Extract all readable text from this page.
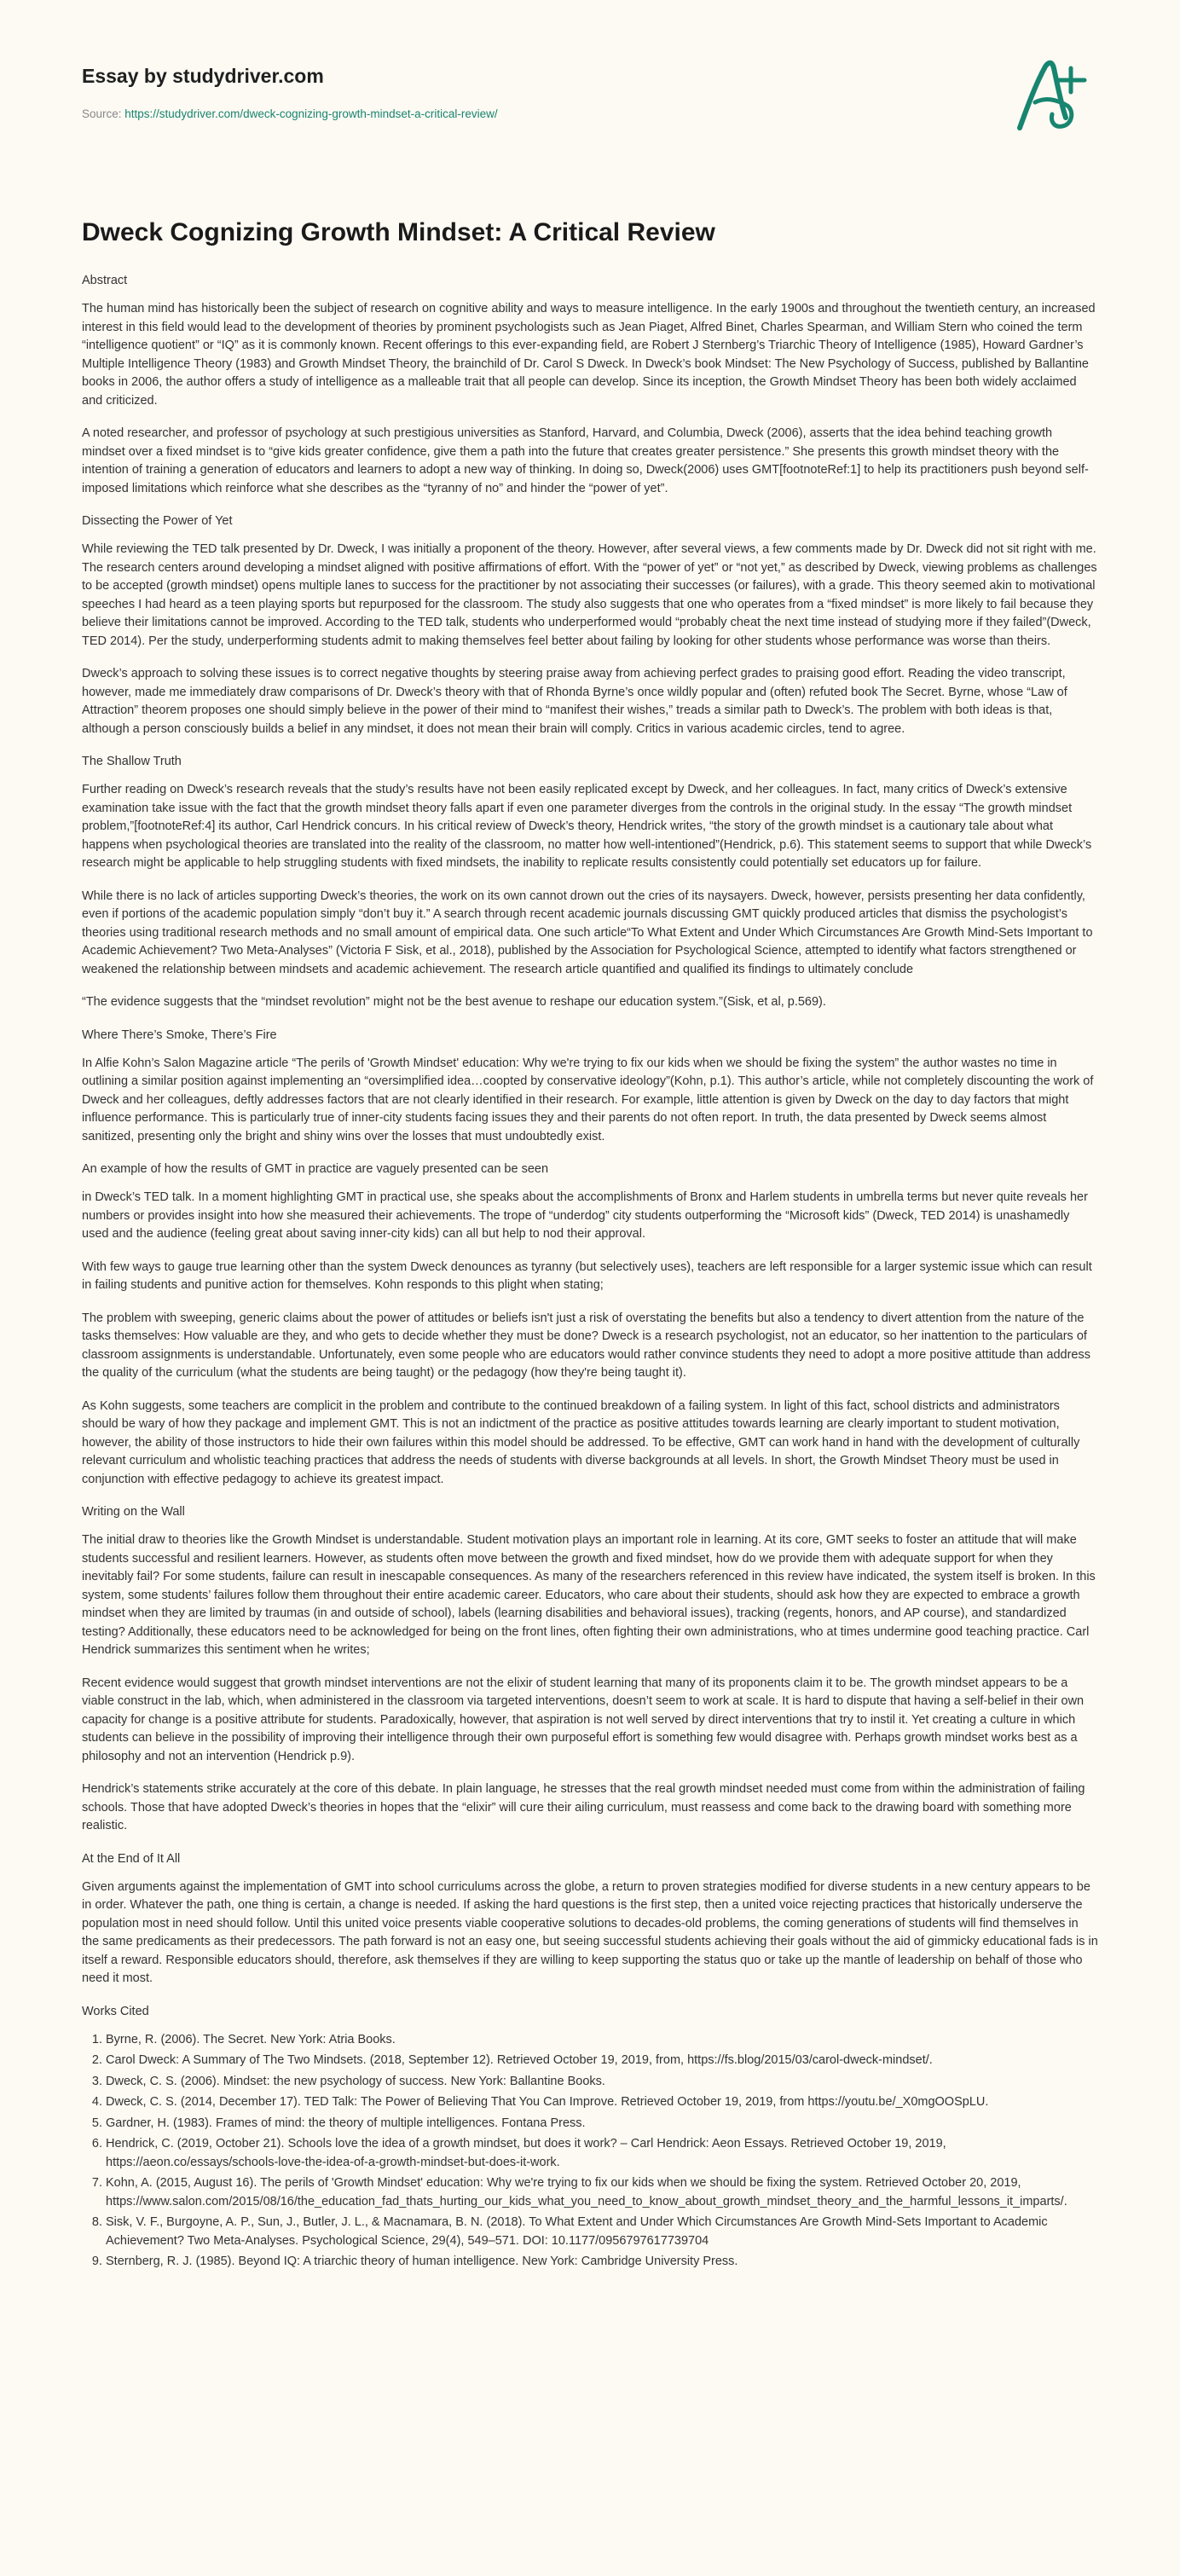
Essay by studydriver.com
Source: https://studydriver.com/dweck-cognizing-growth-mindset-a-critical-review/
Dweck Cognizing Growth Mindset: A Critical Review
Abstract

The human mind has historically been the subject of research on cognitive ability and ways to measure intelligence. In the early 1900s and throughout the twentieth century, an increased interest in this field would lead to the development of theories by prominent psychologists such as Jean Piaget, Alfred Binet, Charles Spearman, and William Stern who coined the term “intelligence quotient” or “IQ” as it is commonly known. Recent offerings to this ever-expanding field, are Robert J Sternberg’s Triarchic Theory of Intelligence (1985), Howard Gardner’s Multiple Intelligence Theory (1983) and Growth Mindset Theory, the brainchild of Dr. Carol S Dweck. In Dweck’s book Mindset: The New Psychology of Success, published by Ballantine books in 2006, the author offers a study of intelligence as a malleable trait that all people can develop. Since its inception, the Growth Mindset Theory has been both widely acclaimed and criticized.

A noted researcher, and professor of psychology at such prestigious universities as Stanford, Harvard, and Columbia, Dweck (2006), asserts that the idea behind teaching growth mindset over a fixed mindset is to “give kids greater confidence, give them a path into the future that creates greater persistence.” She presents this growth mindset theory with the intention of training a generation of educators and learners to adopt a new way of thinking. In doing so, Dweck(2006) uses GMT[footnoteRef:1] to help its practitioners push beyond self-imposed limitations which reinforce what she describes as the “tyranny of no” and hinder the “power of yet”.

Dissecting the Power of Yet

While reviewing the TED talk presented by Dr. Dweck, I was initially a proponent of the theory. However, after several views, a few comments made by Dr. Dweck did not sit right with me. The research centers around developing a mindset aligned with positive affirmations of effort. With the “power of yet” or “not yet,” as described by Dweck, viewing problems as challenges to be accepted (growth mindset) opens multiple lanes to success for the practitioner by not associating their successes (or failures), with a grade. This theory seemed akin to motivational speeches I had heard as a teen playing sports but repurposed for the classroom. The study also suggests that one who operates from a “fixed mindset” is more likely to fail because they believe their limitations cannot be improved. According to the TED talk, students who underperformed would “probably cheat the next time instead of studying more if they failed”(Dweck, TED 2014). Per the study, underperforming students admit to making themselves feel better about failing by looking for other students whose performance was worse than theirs.

Dweck’s approach to solving these issues is to correct negative thoughts by steering praise away from achieving perfect grades to praising good effort. Reading the video transcript, however, made me immediately draw comparisons of Dr. Dweck’s theory with that of Rhonda Byrne’s once wildly popular and (often) refuted book The Secret. Byrne, whose “Law of Attraction” theorem proposes one should simply believe in the power of their mind to “manifest their wishes,” treads a similar path to Dweck’s. The problem with both ideas is that, although a person consciously builds a belief in any mindset, it does not mean their brain will comply. Critics in various academic circles, tend to agree.

The Shallow Truth

Further reading on Dweck’s research reveals that the study’s results have not been easily replicated except by Dweck, and her colleagues. In fact, many critics of Dweck’s extensive examination take issue with the fact that the growth mindset theory falls apart if even one parameter diverges from the controls in the original study. In the essay “The growth mindset problem,”[footnoteRef:4] its author, Carl Hendrick concurs. In his critical review of Dweck’s theory, Hendrick writes, “the story of the growth mindset is a cautionary tale about what happens when psychological theories are translated into the reality of the classroom, no matter how well-intentioned”(Hendrick, p.6). This statement seems to support that while Dweck’s research might be applicable to help struggling students with fixed mindsets, the inability to replicate results consistently could potentially set educators up for failure.

While there is no lack of articles supporting Dweck’s theories, the work on its own cannot drown out the cries of its naysayers. Dweck, however, persists presenting her data confidently, even if portions of the academic population simply “don’t buy it.” A search through recent academic journals discussing GMT quickly produced articles that dismiss the psychologist’s theories using traditional research methods and no small amount of empirical data. One such article“To What Extent and Under Which Circumstances Are Growth Mind-Sets Important to Academic Achievement? Two Meta-Analyses” (Victoria F Sisk, et al., 2018), published by the Association for Psychological Science, attempted to identify what factors strengthened or weakened the relationship between mindsets and academic achievement. The research article quantified and qualified its findings to ultimately conclude

“The evidence suggests that the “mindset revolution” might not be the best avenue to reshape our education system.”(Sisk, et al, p.569).

Where There’s Smoke, There’s Fire

In Alfie Kohn’s Salon Magazine article “The perils of 'Growth Mindset' education: Why we're trying to fix our kids when we should be fixing the system” the author wastes no time in outlining a similar position against implementing an “oversimplified idea…coopted by conservative ideology”(Kohn, p.1). This author’s article, while not completely discounting the work of Dweck and her colleagues, deftly addresses factors that are not clearly identified in their research. For example, little attention is given by Dweck on the day to day factors that might influence performance. This is particularly true of inner-city students facing issues they and their parents do not often report. In truth, the data presented by Dweck seems almost sanitized, presenting only the bright and shiny wins over the losses that must undoubtedly exist.

An example of how the results of GMT in practice are vaguely presented can be seen

in Dweck’s TED talk. In a moment highlighting GMT in practical use, she speaks about the accomplishments of Bronx and Harlem students in umbrella terms but never quite reveals her numbers or provides insight into how she measured their achievements. The trope of “underdog” city students outperforming the “Microsoft kids” (Dweck, TED 2014) is unashamedly used and the audience (feeling great about saving inner-city kids) can all but help to nod their approval.

With few ways to gauge true learning other than the system Dweck denounces as tyranny (but selectively uses), teachers are left responsible for a larger systemic issue which can result in failing students and punitive action for themselves. Kohn responds to this plight when stating;

The problem with sweeping, generic claims about the power of attitudes or beliefs isn't just a risk of overstating the benefits but also a tendency to divert attention from the nature of the tasks themselves: How valuable are they, and who gets to decide whether they must be done? Dweck is a research psychologist, not an educator, so her inattention to the particulars of classroom assignments is understandable. Unfortunately, even some people who are educators would rather convince students they need to adopt a more positive attitude than address the quality of the curriculum (what the students are being taught) or the pedagogy (how they're being taught it).

As Kohn suggests, some teachers are complicit in the problem and contribute to the continued breakdown of a failing system. In light of this fact, school districts and administrators should be wary of how they package and implement GMT. This is not an indictment of the practice as positive attitudes towards learning are clearly important to student motivation, however, the ability of those instructors to hide their own failures within this model should be addressed. To be effective, GMT can work hand in hand with the development of culturally relevant curriculum and wholistic teaching practices that address the needs of students with diverse backgrounds at all levels. In short, the Growth Mindset Theory must be used in conjunction with effective pedagogy to achieve its greatest impact.

Writing on the Wall

The initial draw to theories like the Growth Mindset is understandable. Student motivation plays an important role in learning. At its core, GMT seeks to foster an attitude that will make students successful and resilient learners. However, as students often move between the growth and fixed mindset, how do we provide them with adequate support for when they inevitably fail? For some students, failure can result in inescapable consequences. As many of the researchers referenced in this review have indicated, the system itself is broken. In this system, some students’ failures follow them throughout their entire academic career. Educators, who care about their students, should ask how they are expected to embrace a growth mindset when they are limited by traumas (in and outside of school), labels (learning disabilities and behavioral issues), tracking (regents, honors, and AP course), and standardized testing? Additionally, these educators need to be acknowledged for being on the front lines, often fighting their own administrations, who at times undermine good teaching practice. Carl Hendrick summarizes this sentiment when he writes;

Recent evidence would suggest that growth mindset interventions are not the elixir of student learning that many of its proponents claim it to be. The growth mindset appears to be a viable construct in the lab, which, when administered in the classroom via targeted interventions, doesn’t seem to work at scale. It is hard to dispute that having a self-belief in their own capacity for change is a positive attribute for students. Paradoxically, however, that aspiration is not well served by direct interventions that try to instil it. Yet creating a culture in which students can believe in the possibility of improving their intelligence through their own purposeful effort is something few would disagree with. Perhaps growth mindset works best as a philosophy and not an intervention (Hendrick p.9).

Hendrick’s statements strike accurately at the core of this debate. In plain language, he stresses that the real growth mindset needed must come from within the administration of failing schools. Those that have adopted Dweck’s theories in hopes that the “elixir” will cure their ailing curriculum, must reassess and come back to the drawing board with something more realistic.

At the End of It All

Given arguments against the implementation of GMT into school curriculums across the globe, a return to proven strategies modified for diverse students in a new century appears to be in order. Whatever the path, one thing is certain, a change is needed. If asking the hard questions is the first step, then a united voice rejecting practices that historically underserve the population most in need should follow. Until this united voice presents viable cooperative solutions to decades-old problems, the coming generations of students will find themselves in the same predicaments as their predecessors. The path forward is not an easy one, but seeing successful students achieving their goals without the aid of gimmicky educational fads is in itself a reward. Responsible educators should, therefore, ask themselves if they are willing to keep supporting the status quo or take up the mantle of leadership on behalf of those who need it most.

Works Cited
1. Byrne, R. (2006). The Secret. New York: Atria Books.
2. Carol Dweck: A Summary of The Two Mindsets. (2018, September 12). Retrieved October 19, 2019, from, https://fs.blog/2015/03/carol-dweck-mindset/.
3. Dweck, C. S. (2006). Mindset: the new psychology of success. New York: Ballantine Books.
4. Dweck, C. S. (2014, December 17). TED Talk: The Power of Believing That You Can Improve. Retrieved October 19, 2019, from https://youtu.be/_X0mgOOSpLU.
5. Gardner, H. (1983). Frames of mind: the theory of multiple intelligences. Fontana Press.
6. Hendrick, C. (2019, October 21). Schools love the idea of a growth mindset, but does it work? – Carl Hendrick: Aeon Essays. Retrieved October 19, 2019, https://aeon.co/essays/schools-love-the-idea-of-a-growth-mindset-but-does-it-work.
7. Kohn, A. (2015, August 16). The perils of 'Growth Mindset' education: Why we're trying to fix our kids when we should be fixing the system. Retrieved October 20, 2019, https://www.salon.com/2015/08/16/the_education_fad_thats_hurting_our_kids_what_you_need_to_know_about_growth_mindset_theory_and_the_harmful_lessons_it_imparts/.
8. Sisk, V. F., Burgoyne, A. P., Sun, J., Butler, J. L., & Macnamara, B. N. (2018). To What Extent and Under Which Circumstances Are Growth Mind-Sets Important to Academic Achievement? Two Meta-Analyses. Psychological Science, 29(4), 549–571. DOI: 10.1177/0956797617739704
9. Sternberg, R. J. (1985). Beyond IQ: A triarchic theory of human intelligence. New York: Cambridge University Press.
